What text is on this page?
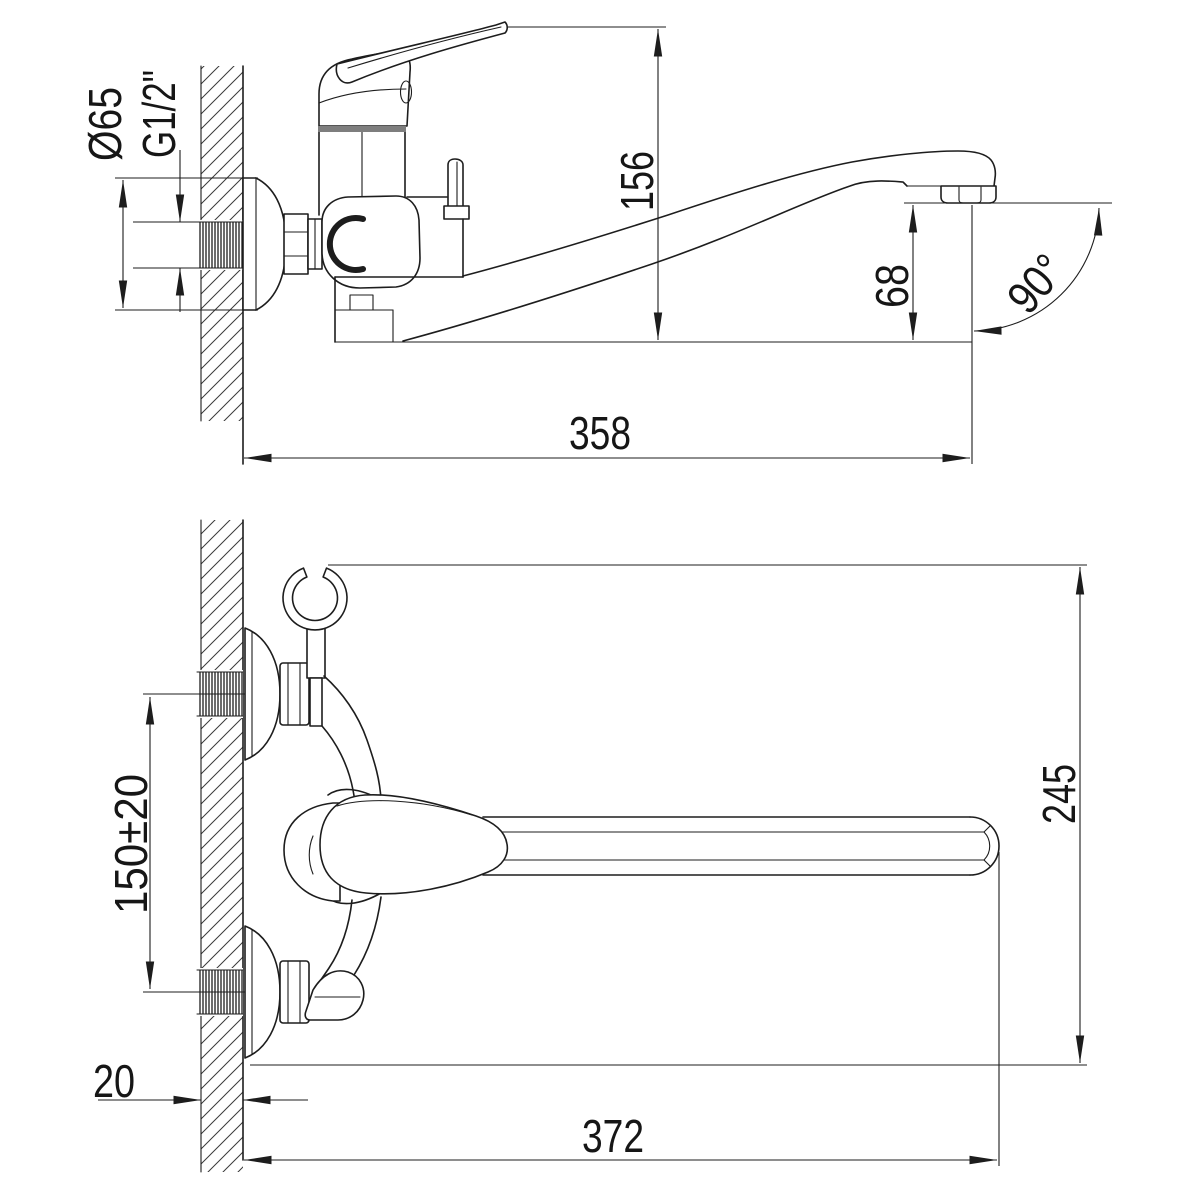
Ø65 G1/2"
156
68 90°
358
150±20	245
20
372
